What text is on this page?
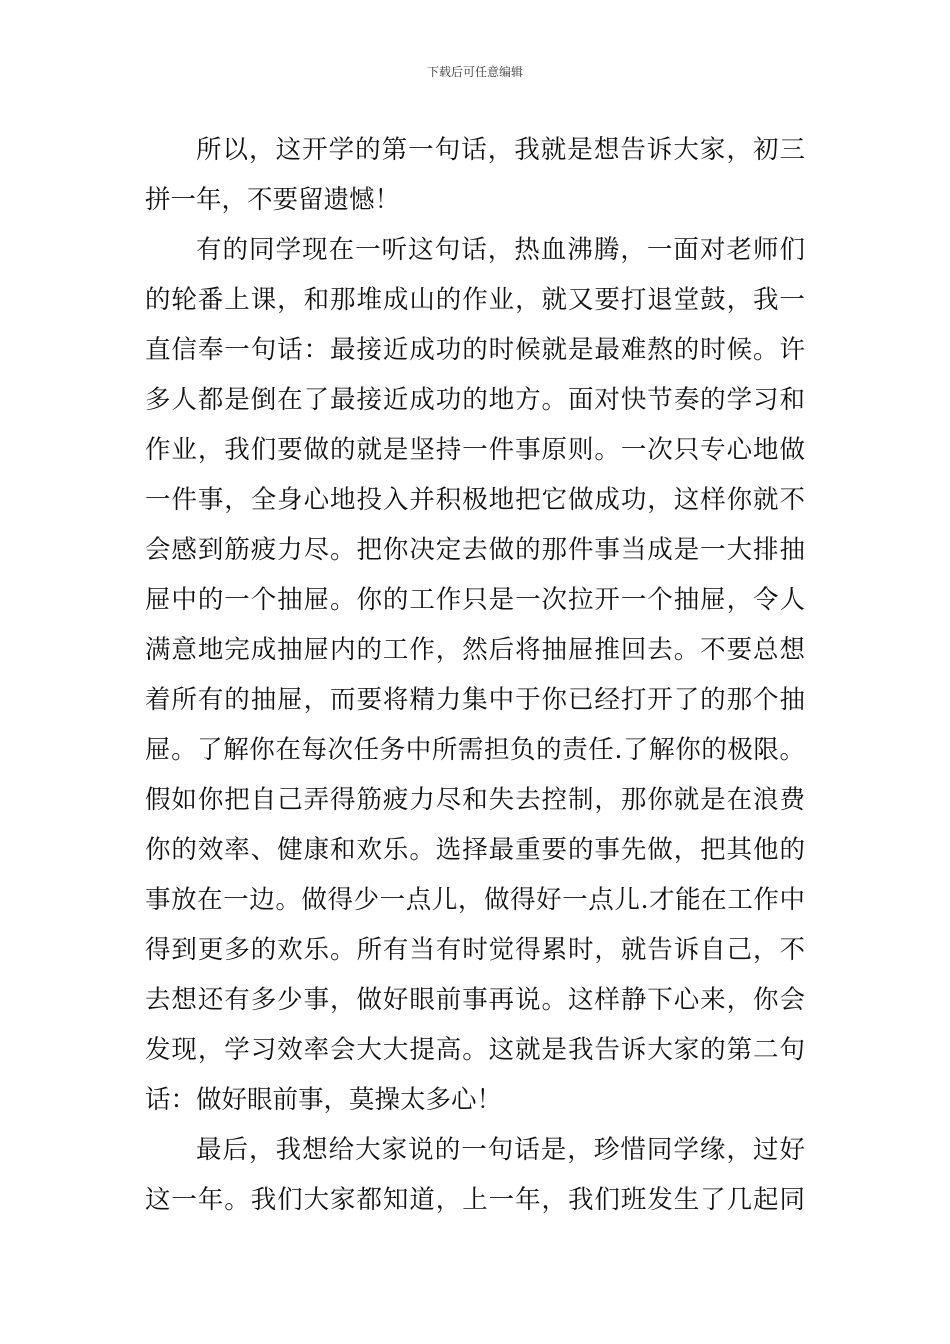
下载后可任意编辑
所以，这开学的第一句话，我就是想告诉大家，初三
拼一年，不要留遗憾！
有的同学现在一听这句话，热血沸腾，一面对老师们
的轮番上课，和那堆成山的作业，就又要打退堂鼓，我一
直信奉一句话：最接近成功的时候就是最难熬的时候。许
多人都是倒在了最接近成功的地方。面对快节奏的学习和
作业，我们要做的就是坚持一件事原则。一次只专心地做
一件事，全身心地投入并积极地把它做成功，这样你就不
会感到筋疲力尽。把你决定去做的那件事当成是一大排抽
屉中的一个抽屉。你的工作只是一次拉开一个抽屉，令人
满意地完成抽屉内的工作，然后将抽屉推回去。不要总想
着所有的抽屉，而要将精力集中于你已经打开了的那个抽
屉。了解你在每次任务中所需担负的责任.了解你的极限。
假如你把自己弄得筋疲力尽和失去控制，那你就是在浪费
你的效率、健康和欢乐。选择最重要的事先做，把其他的
事放在一边。做得少一点儿，做得好一点儿.才能在工作中
得到更多的欢乐。所有当有时觉得累时，就告诉自己，不
去想还有多少事，做好眼前事再说。这样静下心来，你会
发现，学习效率会大大提高。这就是我告诉大家的第二句
话：做好眼前事，莫操太多心！
最后，我想给大家说的一句话是，珍惜同学缘，过好
这一年。我们大家都知道，上一年，我们班发生了几起同
